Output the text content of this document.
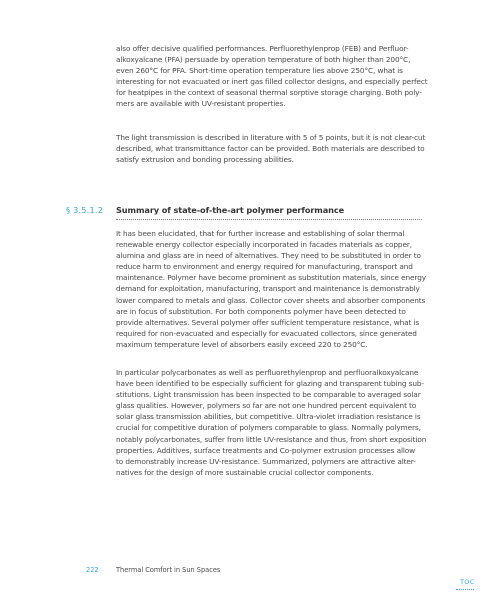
also offer decisive qualified performances. Perfluorethylenprop (FEB) and Perfluor-
alkoxyalcane (PFA) persuade by operation temperature of both higher than 200°C,
even 260°C for PFA. Short-time operation temperature lies above 250°C, what is
interesting for not evacuated or inert gas filled collector designs, and especially perfect
for heatpipes in the context of seasonal thermal sorptive storage charging. Both poly-
mers are available with UV-resistant properties.

The light transmission is described in literature with 5 of 5 points, but it is not clear-cut
described, what transmittance factor can be provided. Both materials are described to
satisfy extrusion and bonding processing abilities.

§ 3.5.1.2 Summary of state-of-the-art polymer performance

It has been elucidated, that for further increase and establishing of solar thermal
renewable energy collector especially incorporated in facades materials as copper,
alumina and glass are in need of alternatives. They need to be substituted in order to
reduce harm to environment and energy required for manufacturing, transport and
maintenance. Polymer have become prominent as substitution materials, since energy
demand for exploitation, manufacturing, transport and maintenance is demonstrably
lower compared to metals and glass. Collector cover sheets and absorber components
are in focus of substitution. For both components polymer have been detected to
provide alternatives. Several polymer offer sufficient temperature resistance, what is
required for non-evacuated and especially for evacuated collectors, since generated
maximum temperature level of absorbers easily exceed 220 to 250°C.

In particular polycarbonates as well as perfluorethylenprop and perfluoralkoxyalcane
have been identified to be especially sufficient for glazing and transparent tubing sub-
stitutions. Light transmission has been inspected to be comparable to averaged solar
glass qualities. However, polymers so far are not one hundred percent equivalent to
solar glass transmission abilities, but competitive. Ultra-violet irradiation resistance is
crucial for competitive duration of polymers comparable to glass. Normally polymers,
notably polycarbonates, suffer from little UV-resistance and thus, from short exposition
properties. Additives, surface treatments and Co-polymer extrusion processes allow
to demonstrably increase UV-resistance. Summarized, polymers are attractive alter-
natives for the design of more sustainable crucial collector components.

222	Thermal Comfort in Sun Spaces
TOC
